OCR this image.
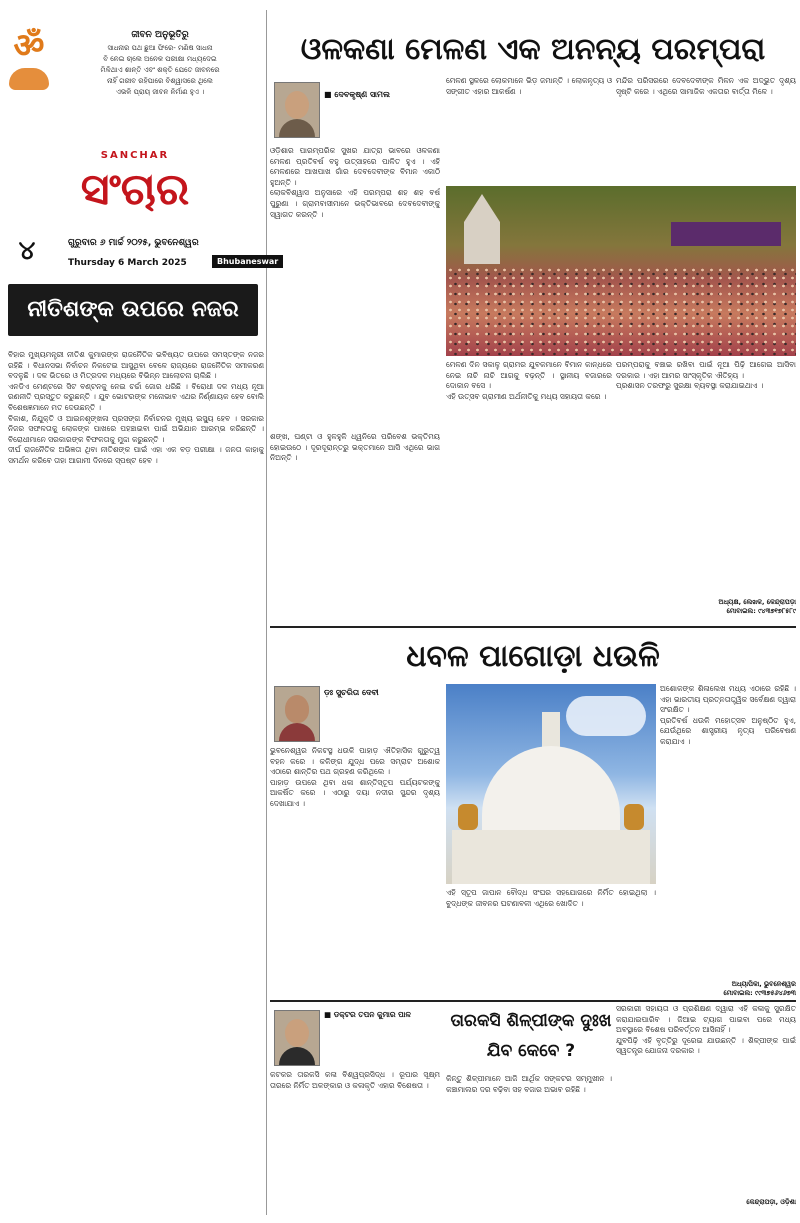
ॐ	ଜୀବନ ଅନୁଭୂତିରୁ

ସାଧନାର ପଥ ଛୁଆ ଫିରେ- ମଣିଷ ସାଧନା

ବି ନେଇ ଚାଲେ ଅନେକ ପରୀକ୍ଷା ମଧ୍ୟଦେଇ

ମିଳିଥାଏ ଶାନ୍ତି ଏବଂ ଶକ୍ତି ଯେତେ ଜୀବନରେ

ନାହିଁ ଗରୀବ ରହିପାରେ ବିଶ୍ୱାସରେ ଥିଲେ

ଏଭଳି ପ୍ରାୟ ଜୀବନ ନିର୍ମାଣ ହୁଏ ।

SANCHAR
ସଂଚାର
୪	ଗୁରୁବାର ୬ ମାର୍ଚ୍ଚ ୨୦୨୫, ଭୁବନେଶ୍ୱର
Thursday 6 March 2025	Bhubaneswar
ନୀତିଶଙ୍କ ଉପରେ ନଜର

ବିହାର ମୁଖ୍ୟମନ୍ତ୍ରୀ ନୀତିଶ କୁମାରଙ୍କ ରାଜନୈତିକ ଭବିଷ୍ୟତ ଉପରେ ସମସ୍ତଙ୍କ ନଜର ରହିଛି । ବିଧାନସଭା ନିର୍ବାଚନ ନିକଟେଇ ଆସୁଥିବା ବେଳେ ରାଜ୍ୟରେ ରାଜନୈତିକ ସମୀକରଣ ବଦଳୁଛି । ଦଳ ଭିତରେ ଓ ମିତ୍ରଦଳ ମଧ୍ୟରେ ବିଭିନ୍ନ ଆଲୋଚନା ଚାଲିଛି ।

ଏନଡିଏ ମେଣ୍ଟରେ ସିଟ ବଣ୍ଟନକୁ ନେଇ ଚର୍ଚ୍ଚା ଜୋର ଧରିଛି । ବିରୋଧୀ ଦଳ ମଧ୍ୟ ନୂଆ ରଣନୀତି ପ୍ରସ୍ତୁତ କରୁଛନ୍ତି । ଯୁବ ଭୋଟରଙ୍କ ମନୋଭାବ ଏଥର ନିର୍ଣ୍ଣାୟକ ହେବ ବୋଲି ବିଶେଷଜ୍ଞମାନେ ମତ ଦେଉଛନ୍ତି ।

ବିକାଶ, ନିଯୁକ୍ତି ଓ ଆଇନଶୃଙ୍ଖଳା ପ୍ରସଙ୍ଗ ନିର୍ବାଚନର ମୁଖ୍ୟ ଇସ୍ୟୁ ହେବ । ସରକାର ନିଜର ସଫଳତାକୁ ଲୋକଙ୍କ ପାଖରେ ପହଞ୍ଚାଇବା ପାଇଁ ଅଭିଯାନ ଆରମ୍ଭ କରିଛନ୍ତି । ବିରୋଧୀମାନେ ସରକାରଙ୍କ ବିଫଳତାକୁ ମୁଦ୍ଦା କରୁଛନ୍ତି ।

ଦୀର୍ଘ ରାଜନୈତିକ ଅଭିଜ୍ଞତା ଥିବା ନୀତିଶଙ୍କ ପାଇଁ ଏହା ଏକ ବଡ଼ ପରୀକ୍ଷା । ଜନତା କାହାକୁ ସମର୍ଥନ କରିବେ ତାହା ଆଗାମୀ ଦିନରେ ସ୍ପଷ୍ଟ ହେବ ।

ଓଳକଣା ମେଳଣ ଏକ ଅନନ୍ୟ ପରମ୍ପରା
■ ଦେବକୃଷ୍ଣ ସାମଲ

ଓଡ଼ିଶାର ପାରମ୍ପରିକ ସୁଖର ଯାତ୍ରା ଭାବରେ ଓଳକଣା ମେଳଣ ପ୍ରତିବର୍ଷ ବହୁ ଉତ୍ସାହରେ ପାଳିତ ହୁଏ । ଏହି ମେଳଣରେ ଆଖପାଖ ଗାଁର ଦେବଦେବୀଙ୍କ ବିମାନ ଏକାଠି ହୁଅନ୍ତି ।

ଲୋକବିଶ୍ୱାସ ଅନୁସାରେ ଏହି ପରମ୍ପରା ଶହ ଶହ ବର୍ଷ ପୁରୁଣା । ଗ୍ରାମବାସୀମାନେ ଭକ୍ତିଭାବରେ ଦେବଦେବୀଙ୍କୁ ସ୍ୱାଗତ କରନ୍ତି ।

ଶଙ୍ଖ, ଘଣ୍ଟା ଓ ହୁଳହୁଳି ଧ୍ୱନିରେ ପରିବେଶ ଭକ୍ତିମୟ ହୋଇଉଠେ । ଦୂରଦୂରାନ୍ତରୁ ଭକ୍ତମାନେ ଆସି ଏଥିରେ ଭାଗ ନିଅନ୍ତି ।

ମେଳଣ ସ୍ଥଳରେ ଲୋକମାନେ ଭିଡ଼ ଜମାନ୍ତି । ଲୋକନୃତ୍ୟ ଓ ସଙ୍ଗୀତ ଏହାର ଆକର୍ଷଣ ।

ମନ୍ଦିର ପରିସରରେ ଦେବଦେବୀଙ୍କ ମିଳନ ଏକ ଅଦ୍ଭୁତ ଦୃଶ୍ୟ ସୃଷ୍ଟି କରେ । ଏଥିରେ ସାମାଜିକ ଏକତାର ବାର୍ତ୍ତା ମିଳେ ।

ମେଳଣ ଦିନ ସକାଳୁ ଗ୍ରାମର ଯୁବକମାନେ ବିମାନ କାନ୍ଧରେ ନେଇ ନାଚି ନାଚି ଆଗକୁ ବଢ଼ନ୍ତି । ସ୍ଥାନୀୟ ବଜାରରେ ଦୋକାନ ବସେ ।

ଏହି ଉତ୍ସବ ଗ୍ରାମୀଣ ଅର୍ଥନୀତିକୁ ମଧ୍ୟ ସହାୟତା କରେ ।

ପରମ୍ପରାକୁ ବଞ୍ଚାଇ ରଖିବା ପାଇଁ ନୂଆ ପିଢ଼ି ଆଗେଇ ଆସିବା ଦରକାର । ଏହା ଆମର ସାଂସ୍କୃତିକ ଐତିହ୍ୟ ।

ପ୍ରଶାସନ ତରଫରୁ ସୁରକ୍ଷା ବ୍ୟବସ୍ଥା କରାଯାଇଥାଏ ।

ଅଧ୍ୟକ୍ଷ, ଲେଖକ, କେନ୍ଦ୍ରାପଡ଼ା
ମୋବାଇଲ: ୯୪୩୭୧୭୮୫୮୯
ଧବଳ ପାଗୋଡ଼ା ଧଉଳି
ଡ଼ଃ ସୁଚରିତା ଦେବୀ

ଭୁବନେଶ୍ୱର ନିକଟସ୍ଥ ଧଉଳି ପାହାଡ଼ ଐତିହାସିକ ଗୁରୁତ୍ୱ ବହନ କରେ । କଳିଙ୍ଗ ଯୁଦ୍ଧ ପରେ ସମ୍ରାଟ ଅଶୋକ ଏଠାରେ ଶାନ୍ତିର ପଥ ଗ୍ରହଣ କରିଥିଲେ ।

ପାହାଡ଼ ଉପରେ ଥିବା ଧଳା ଶାନ୍ତିସ୍ତୂପ ପର୍ଯ୍ୟଟକଙ୍କୁ ଆକର୍ଷିତ କରେ । ଏଠାରୁ ଦୟା ନଦୀର ସୁନ୍ଦର ଦୃଶ୍ୟ ଦେଖାଯାଏ ।

ଏହି ସ୍ତୂପ ଜାପାନ ବୌଦ୍ଧ ସଂଘର ସହଯୋଗରେ ନିର୍ମିତ ହୋଇଥିଲା । ବୁଦ୍ଧଙ୍କ ଜୀବନର ଘଟଣାବଳୀ ଏଥିରେ ଖୋଦିତ ।

ଅଶୋକଙ୍କ ଶିଳାଲେଖ ମଧ୍ୟ ଏଠାରେ ରହିଛି । ଏହା ଭାରତୀୟ ପ୍ରତ୍ନତାତ୍ତ୍ୱିକ ସର୍ବେକ୍ଷଣ ଦ୍ୱାରା ସଂରକ୍ଷିତ ।

ପ୍ରତିବର୍ଷ ଧଉଳି ମହୋତ୍ସବ ଅନୁଷ୍ଠିତ ହୁଏ, ଯେଉଁଥିରେ ଶାସ୍ତ୍ରୀୟ ନୃତ୍ୟ ପରିବେଷଣ କରାଯାଏ ।

ଅଧ୍ୟାପିକା, ଭୁବନେଶ୍ୱର
ମୋବାଇଲ: ୯୯୩୭୫୬୪୬୭୩
■ ଡକ୍ଟର ତପନ କୁମାର ପାଳ	ତାରକସି ଶିଳ୍ପୀଙ୍କ ଦୁଃଖ ଯିବ କେବେ ?

କଟକର ତାରକସି କଳା ବିଶ୍ୱପ୍ରସିଦ୍ଧ । ରୂପାର ସୂକ୍ଷ୍ମ ତାରରେ ନିର୍ମିତ ଅଳଙ୍କାର ଓ କଳାକୃତି ଏହାର ବିଶେଷତା ।

କିନ୍ତୁ ଶିଳ୍ପୀମାନେ ଆଜି ଆର୍ଥିକ ସଙ୍କଟର ସମ୍ମୁଖୀନ । କଞ୍ଚାମାଲର ଦର ବଢ଼ିବା ସହ ବଜାର ଅଭାବ ରହିଛି ।

ସରକାରୀ ସହାୟତା ଓ ପ୍ରଶିକ୍ଷଣ ଦ୍ୱାରା ଏହି କଳାକୁ ସୁରକ୍ଷିତ କରାଯାଇପାରିବ । ଜିଆଇ ଟ୍ୟାଗ ପାଇବା ପରେ ମଧ୍ୟ ଅବସ୍ଥାରେ ବିଶେଷ ପରିବର୍ତ୍ତନ ଆସିନାହିଁ ।

ଯୁବପିଢ଼ି ଏହି ବୃତ୍ତିରୁ ଦୂରେଇ ଯାଉଛନ୍ତି । ଶିଳ୍ପୀଙ୍କ ପାଇଁ ସ୍ୱତନ୍ତ୍ର ଯୋଜନା ଦରକାର ।

କେନ୍ଦ୍ରାପଡ଼ା, ଓଡ଼ିଶା
